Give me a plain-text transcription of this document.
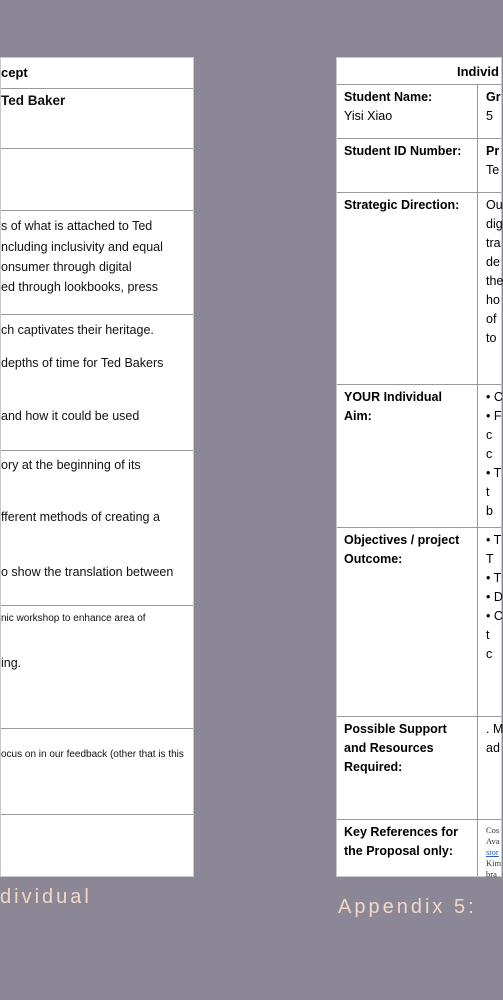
cept
Ted Baker
s of what is attached to Ted
ncluding inclusivity and equal
onsumer through digital
ed through lookbooks, press
ch captivates their heritage.
depths of time for Ted Bakers
and how it could be used
ory at the beginning of its
fferent methods of creating a
o show the translation between
nic workshop to enhance area of
ing.
ocus on in our feedback (other that is this
Individ
Student Name:
Yisi Xiao
Gr
5
Student ID Number: Pr
Te
Strategic Direction: Ou
dig
tra
de
the
ho
of
to
YOUR Individual
Aim:
• C
• F
c
c
• T
t
b
Objectives / project
Outcome:
• T
T
• T
• D
• C
t
c
Possible Support
and Resources
Required:
. M
ad
Key References for
the Proposal only:
Cos
Ava
stor
Kim
bra
dividual	Appendix 5:
